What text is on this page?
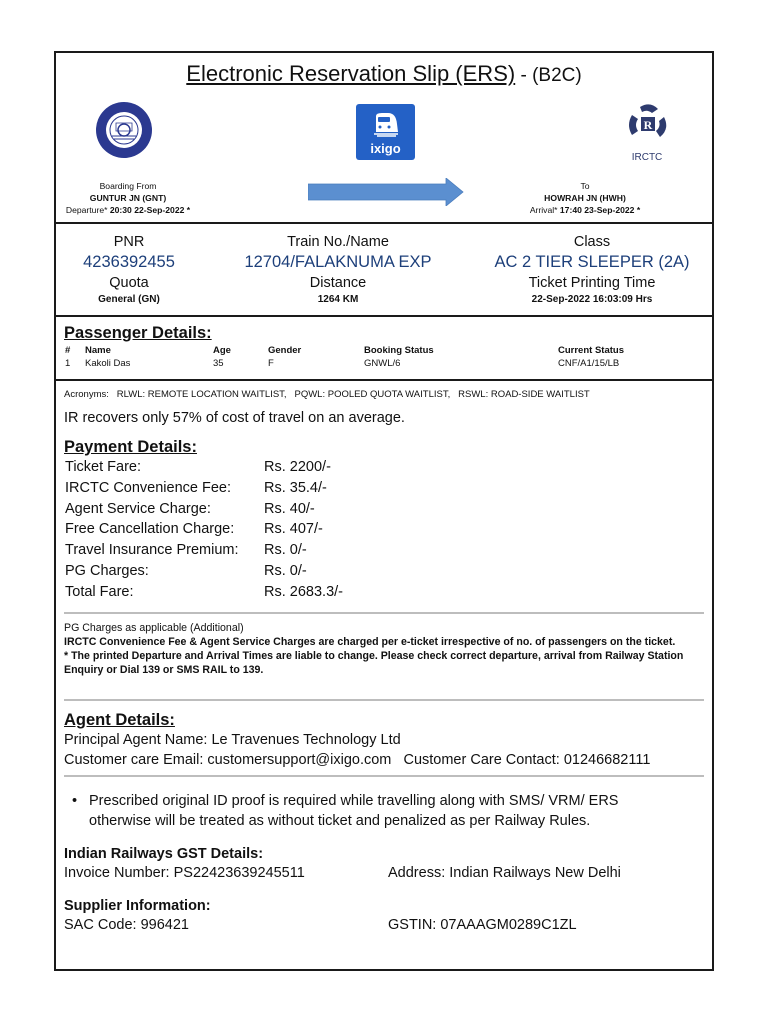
Electronic Reservation Slip (ERS) - (B2C)
ixigo
R
IRCTC
Boarding From
GUNTUR JN (GNT)
Departure* 20:30 22-Sep-2022 *
To
HOWRAH JN (HWH)
Arrival* 17:40 23-Sep-2022 *
PNR
4236392455
Quota
General (GN)
Train No./Name
12704/FALAKNUMA EXP
Distance
1264 KM
Class
AC 2 TIER SLEEPER (2A)
Ticket Printing Time
22-Sep-2022 16:03:09 Hrs
Passenger Details:
# Name	Age	Gender	Booking Status	Current Status
1 Kakoli Das	35	F	GNWL/6	CNF/A1/15/LB
Acronyms:   RLWL: REMOTE LOCATION WAITLIST,   PQWL: POOLED QUOTA WAITLIST,   RSWL: ROAD-SIDE WAITLIST
IR recovers only 57% of cost of travel on an average.
Payment Details:
Ticket Fare:	Rs. 2200/-
IRCTC Convenience Fee: Rs. 35.4/-
Agent Service Charge:	Rs. 40/-
Free Cancellation Charge: Rs. 407/-
Travel Insurance Premium: Rs. 0/-
PG Charges:	Rs. 0/-
Total Fare:	Rs. 2683.3/-
PG Charges as applicable (Additional)
IRCTC Convenience Fee & Agent Service Charges are charged per e-ticket irrespective of no. of passengers on the ticket.
* The printed Departure and Arrival Times are liable to change. Please check correct departure, arrival from Railway Station Enquiry or Dial 139 or SMS RAIL to 139.
Agent Details:
Principal Agent Name: Le Travenues Technology Ltd
Customer care Email: customersupport@ixigo.com   Customer Care Contact: 01246682111
• Prescribed original ID proof is required while travelling along with SMS/ VRM/ ERS otherwise will be treated as without ticket and penalized as per Railway Rules.
Indian Railways GST Details:
Invoice Number: PS22423639245511	Address: Indian Railways New Delhi
Supplier Information:
SAC Code: 996421	GSTIN: 07AAAGM0289C1ZL
